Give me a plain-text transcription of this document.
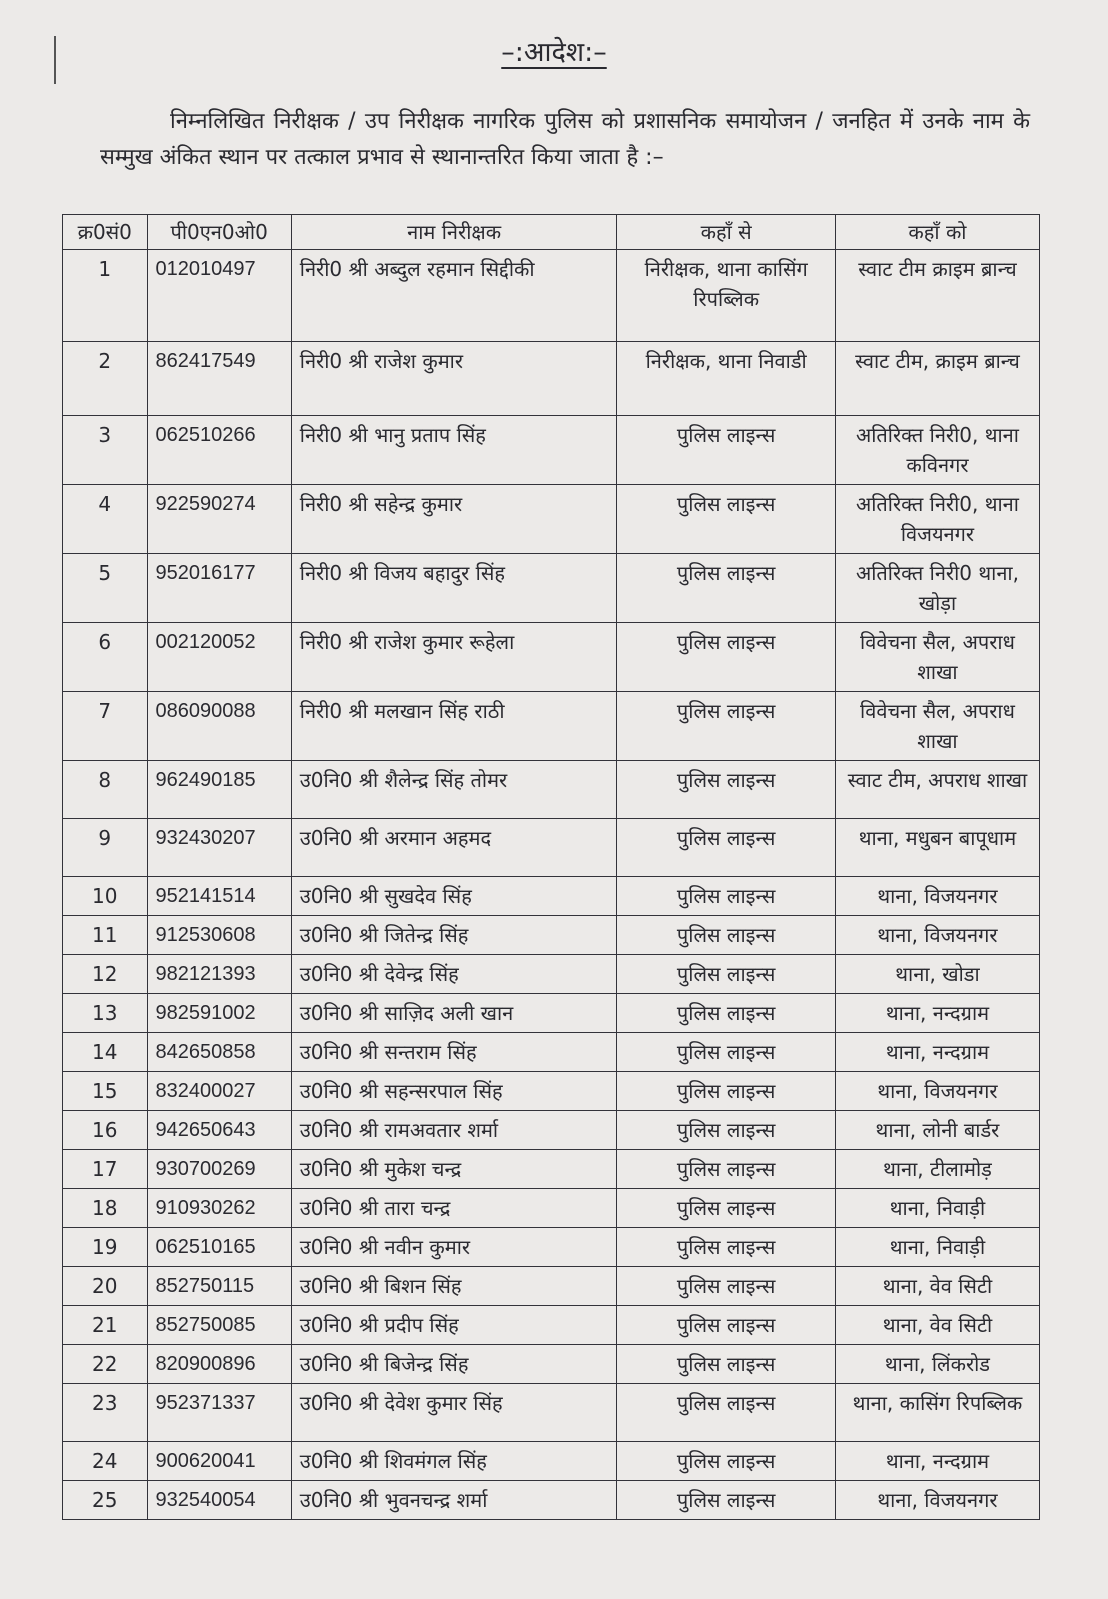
–:आदेश:–

निम्नलिखित निरीक्षक / उप निरीक्षक नागरिक पुलिस को प्रशासनिक समायोजन / जनहित में उनके नाम के सम्मुख अंकित स्थान पर तत्काल प्रभाव से स्थानान्तरित किया जाता है :–

क्र0सं0	पी0एन0ओ0	नाम निरीक्षक	कहाँ से	कहाँ को
1	012010497	निरी0 श्री अब्दुल रहमान सिद्दीकी	निरीक्षक, थाना कासिंग रिपब्लिक	स्वाट टीम क्राइम ब्रान्च
2	862417549	निरी0 श्री राजेश कुमार	निरीक्षक, थाना निवाडी	स्वाट टीम, क्राइम ब्रान्च
3	062510266	निरी0 श्री भानु प्रताप सिंह	पुलिस लाइन्स	अतिरिक्त निरी0, थाना कविनगर
4	922590274	निरी0 श्री सहेन्द्र कुमार	पुलिस लाइन्स	अतिरिक्त निरी0, थाना विजयनगर
5	952016177	निरी0 श्री विजय बहादुर सिंह	पुलिस लाइन्स	अतिरिक्त निरी0 थाना, खोड़ा
6	002120052	निरी0 श्री राजेश कुमार रूहेला	पुलिस लाइन्स	विवेचना सैल, अपराध शाखा
7	086090088	निरी0 श्री मलखान सिंह राठी	पुलिस लाइन्स	विवेचना सैल, अपराध शाखा
8	962490185	उ0नि0 श्री शैलेन्द्र सिंह तोमर	पुलिस लाइन्स	स्वाट टीम, अपराध शाखा
9	932430207	उ0नि0 श्री अरमान अहमद	पुलिस लाइन्स	थाना, मधुबन बापूधाम
10	952141514	उ0नि0 श्री सुखदेव सिंह	पुलिस लाइन्स	थाना, विजयनगर
11	912530608	उ0नि0 श्री जितेन्द्र सिंह	पुलिस लाइन्स	थाना, विजयनगर
12	982121393	उ0नि0 श्री देवेन्द्र सिंह	पुलिस लाइन्स	थाना, खोडा
13	982591002	उ0नि0 श्री साज़िद अली खान	पुलिस लाइन्स	थाना, नन्दग्राम
14	842650858	उ0नि0 श्री सन्तराम सिंह	पुलिस लाइन्स	थाना, नन्दग्राम
15	832400027	उ0नि0 श्री सहन्सरपाल सिंह	पुलिस लाइन्स	थाना, विजयनगर
16	942650643	उ0नि0 श्री रामअवतार शर्मा	पुलिस लाइन्स	थाना, लोनी बार्डर
17	930700269	उ0नि0 श्री मुकेश चन्द्र	पुलिस लाइन्स	थाना, टीलामोड़
18	910930262	उ0नि0 श्री तारा चन्द्र	पुलिस लाइन्स	थाना, निवाड़ी
19	062510165	उ0नि0 श्री नवीन कुमार	पुलिस लाइन्स	थाना, निवाड़ी
20	852750115	उ0नि0 श्री बिशन सिंह	पुलिस लाइन्स	थाना, वेव सिटी
21	852750085	उ0नि0 श्री प्रदीप सिंह	पुलिस लाइन्स	थाना, वेव सिटी
22	820900896	उ0नि0 श्री बिजेन्द्र सिंह	पुलिस लाइन्स	थाना, लिंकरोड
23	952371337	उ0नि0 श्री देवेश कुमार सिंह	पुलिस लाइन्स	थाना, कासिंग रिपब्लिक
24	900620041	उ0नि0 श्री शिवमंगल सिंह	पुलिस लाइन्स	थाना, नन्दग्राम
25	932540054	उ0नि0 श्री भुवनचन्द्र शर्मा	पुलिस लाइन्स	थाना, विजयनगर
